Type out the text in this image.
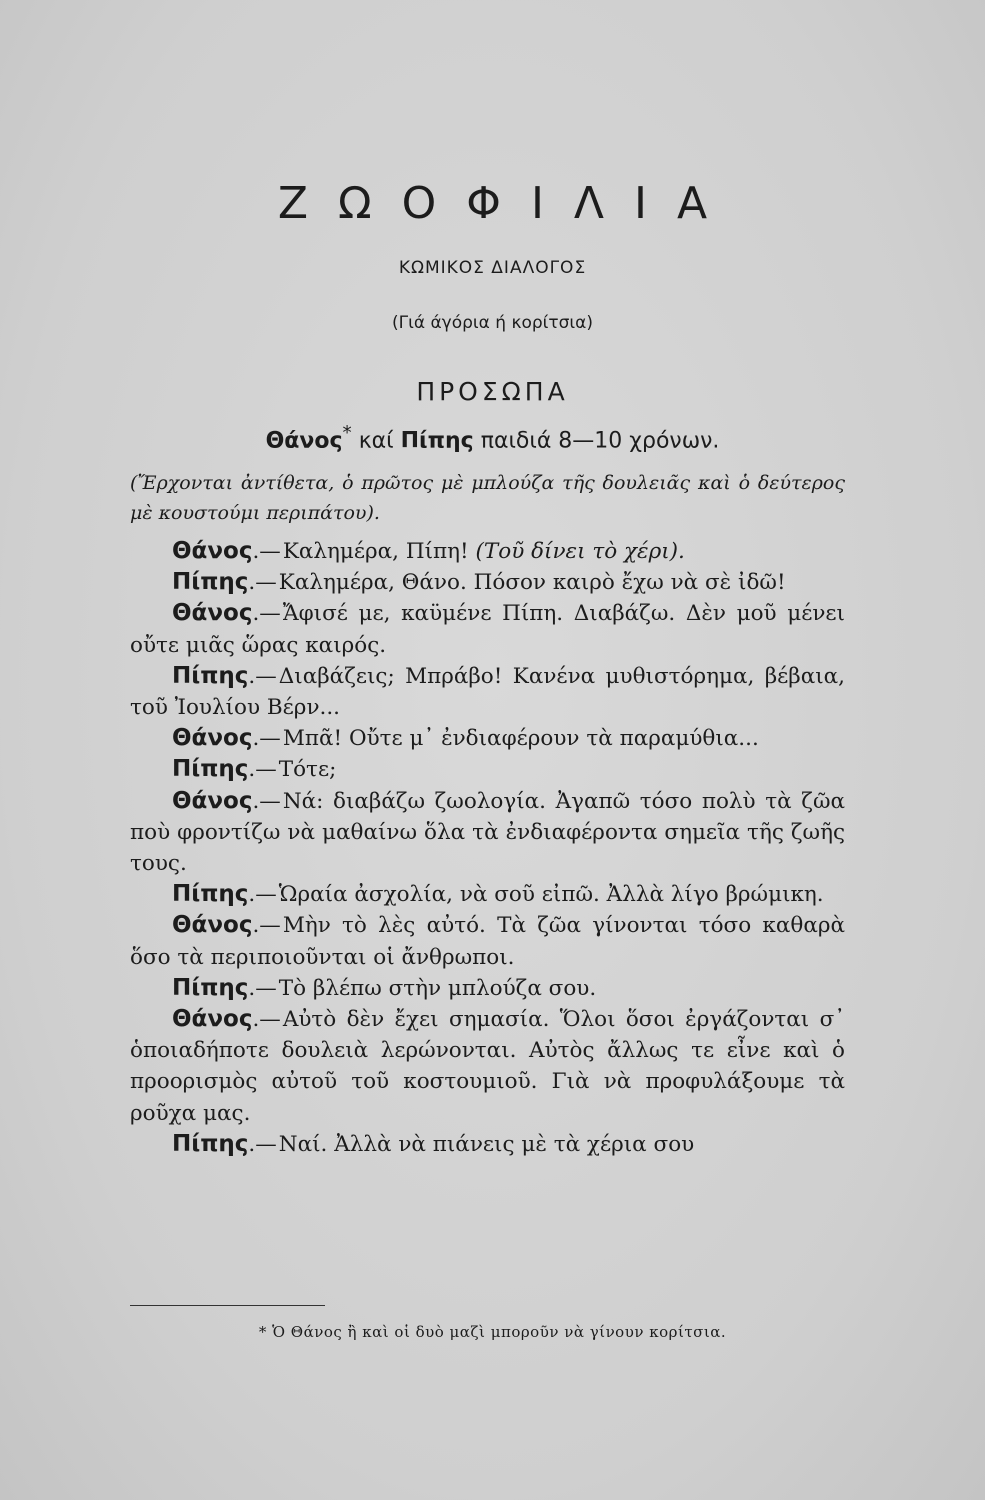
ΖΩΟΦΙΛΙΑ
ΚΩΜΙΚΟΣ ΔΙΑΛΟΓΟΣ
(Γιά άγόρια ή κορίτσια)
ΠΡΟΣΩΠΑ
Θάνος* καί Πίπης παιδιά 8—10 χρόνων.
(Ἔρχονται ἀντίθετα, ὁ πρῶτος μὲ μπλούζα τῆς δουλειᾶς καὶ ὁ δεύτερος μὲ κουστούμι περιπάτου).

Θάνος.—Καλημέρα, Πίπη! (Τοῦ δίνει τὸ χέρι).

Πίπης.—Καλημέρα, Θάνο. Πόσον καιρὸ ἔχω νὰ σὲ ἰδῶ!

Θάνος.—Ἄφισέ με, καϋμένε Πίπη. Διαβάζω. Δὲν μοῦ μένει οὔτε μιᾶς ὥρας καιρός.

Πίπης.—Διαβάζεις; Μπράβο! Κανένα μυθιστόρημα, βέβαια, τοῦ Ἰουλίου Βέρν...

Θάνος.—Μπᾶ! Οὔτε μ᾽ ἐνδιαφέρουν τὰ παραμύθια...

Πίπης.—Τότε;

Θάνος.—Νά: διαβάζω ζωολογία. Ἀγαπῶ τόσο πολὺ τὰ ζῶα ποὺ φροντίζω νὰ μαθαίνω ὅλα τὰ ἐνδιαφέροντα σημεῖα τῆς ζωῆς τους.

Πίπης.—Ὡραία ἀσχολία, νὰ σοῦ εἰπῶ. Ἀλλὰ λίγο βρώμικη.

Θάνος.—Μὴν τὸ λὲς αὐτό. Τὰ ζῶα γίνονται τόσο καθαρὰ ὅσο τὰ περιποιοῦνται οἱ ἄνθρωποι.

Πίπης.—Τὸ βλέπω στὴν μπλούζα σου.

Θάνος.—Αὐτὸ δὲν ἔχει σημασία. Ὅλοι ὅσοι ἐργάζονται σ᾽ ὁποιαδήποτε δουλειὰ λερώνονται. Αὐτὸς ἄλλως τε εἶνε καὶ ὁ προορισμὸς αὐτοῦ τοῦ κοστουμιοῦ. Γιὰ νὰ προφυλάξουμε τὰ ροῦχα μας.

Πίπης.—Ναί. Ἀλλὰ νὰ πιάνεις μὲ τὰ χέρια σου

* Ὁ Θάνος ἢ καὶ οἱ δυὸ μαζὶ μποροῦν νὰ γίνουν κορίτσια.
